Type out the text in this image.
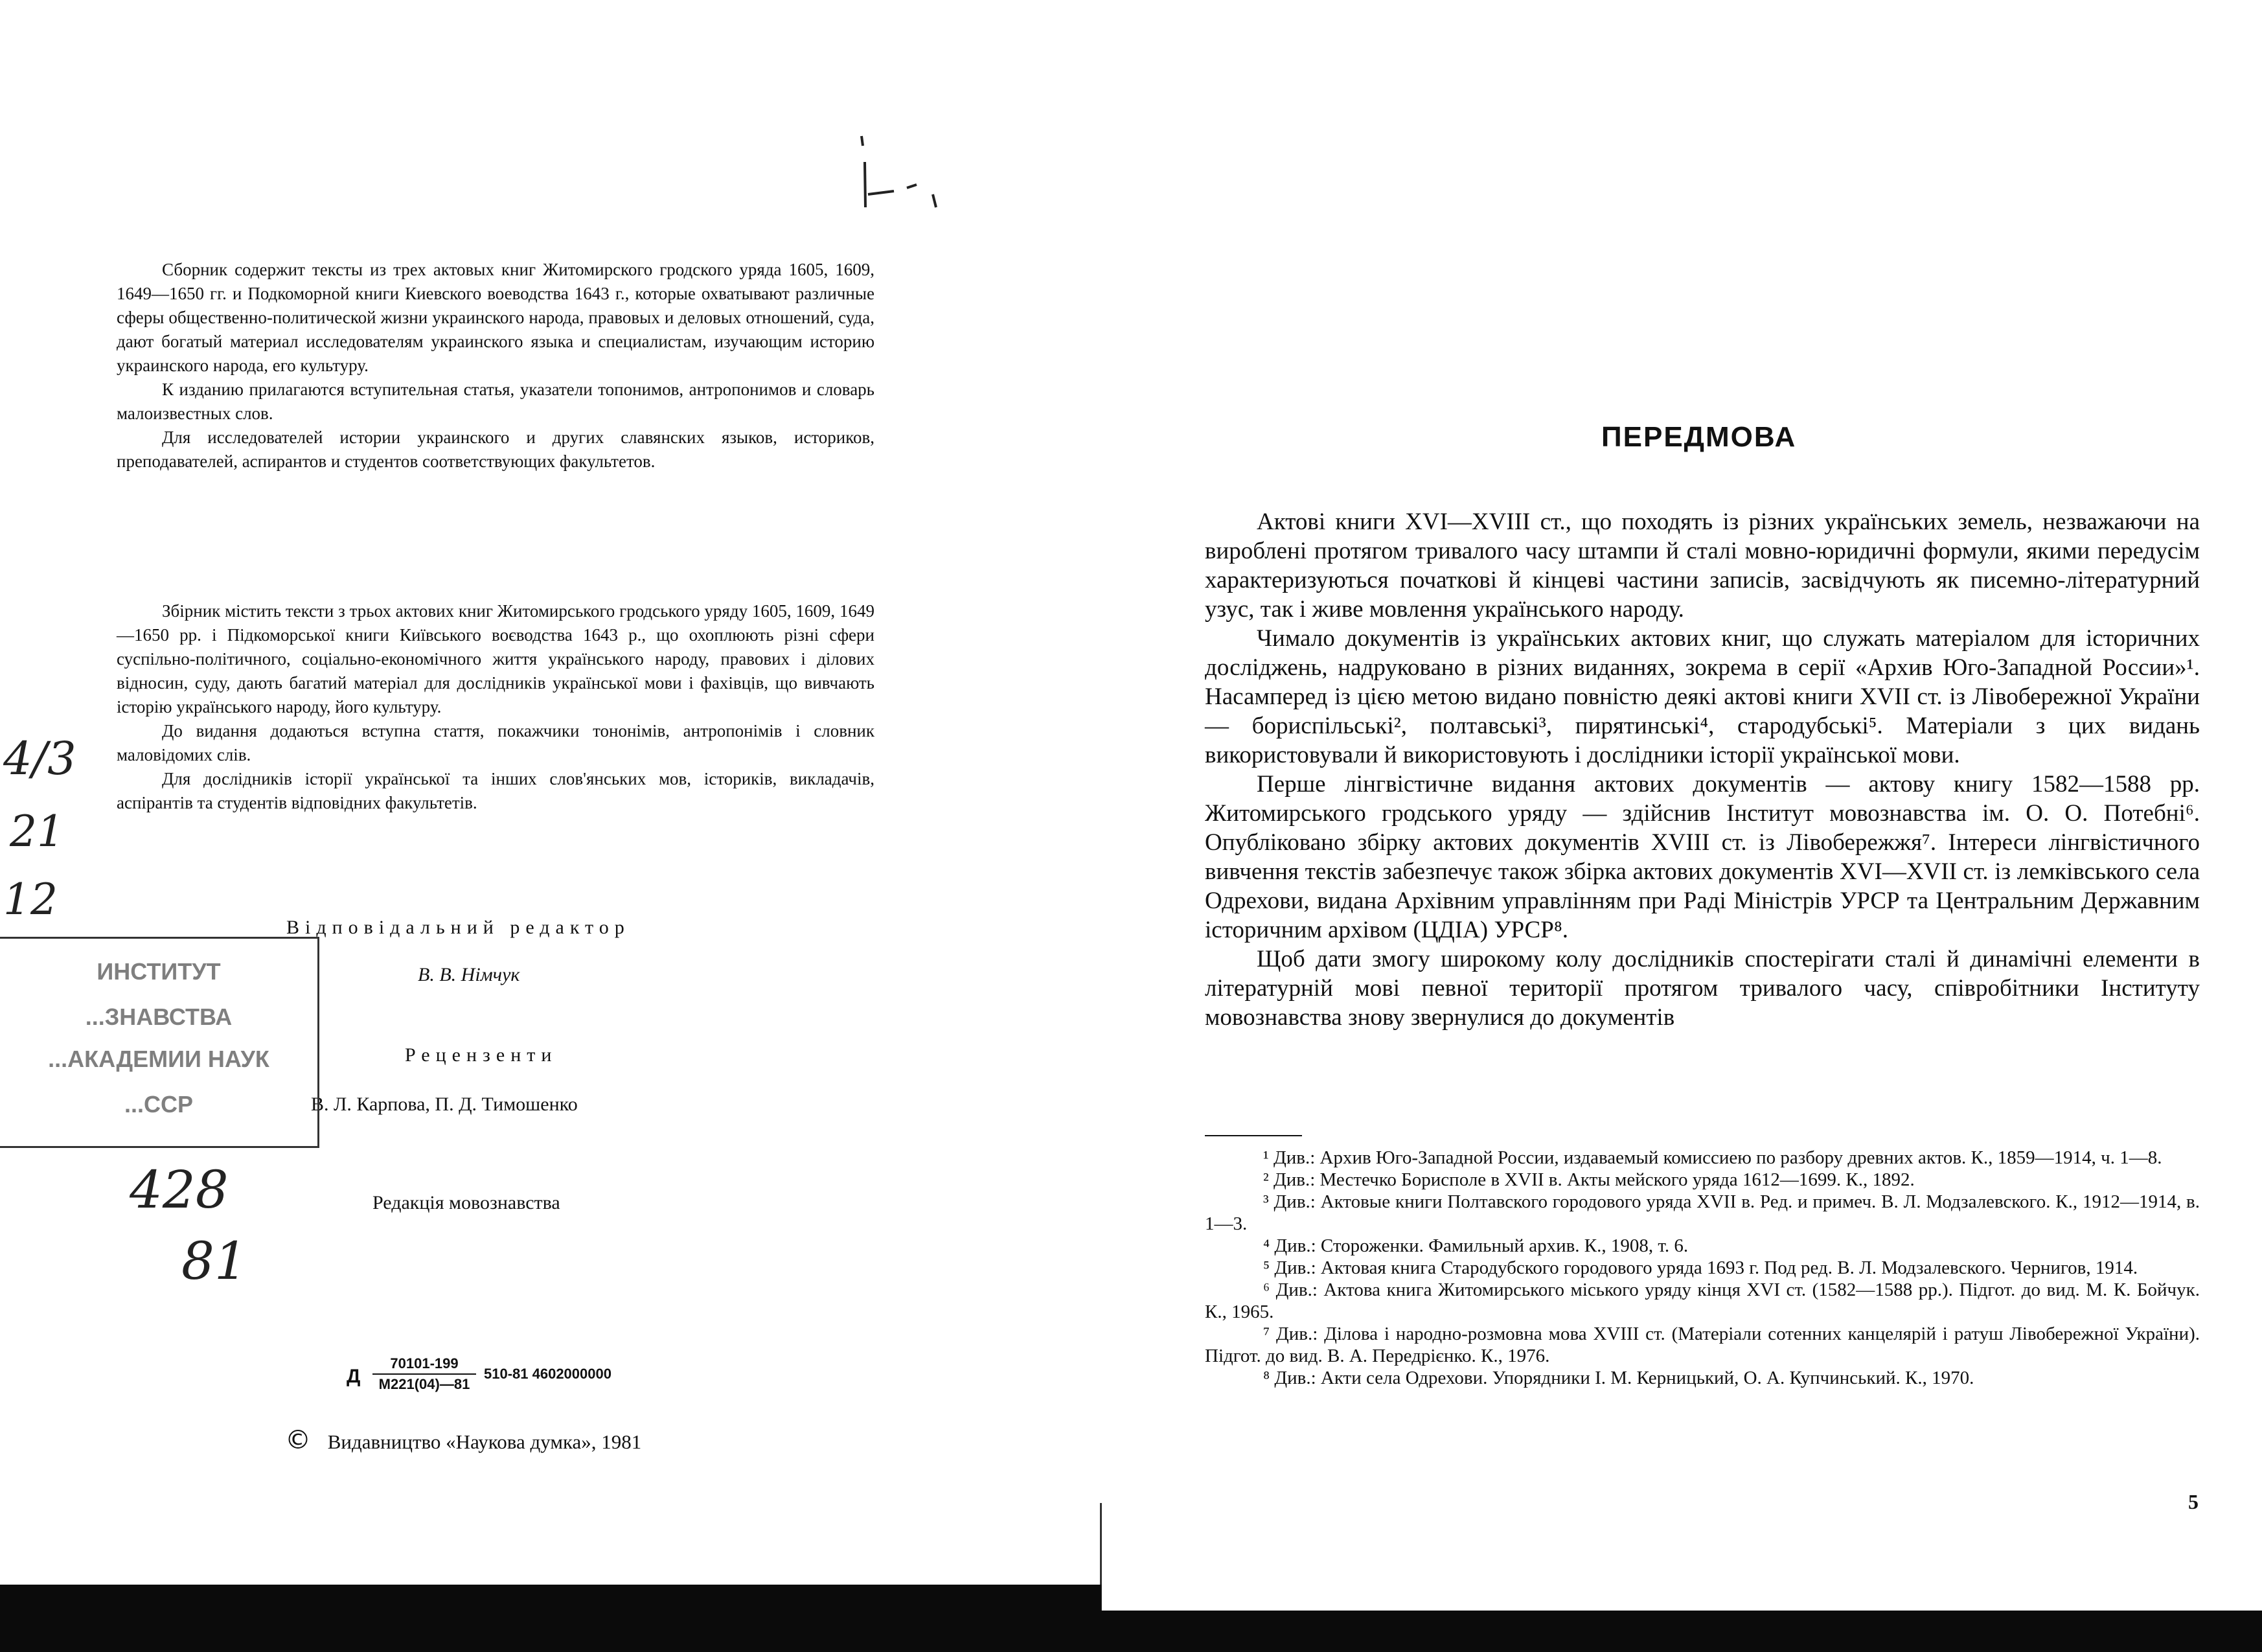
Сборник содержит тексты из трех актовых книг Житомирского гродского уряда 1605, 1609, 1649—1650 гг. и Подкоморной книги Киевского воеводства 1643 г., которые охватывают различные сферы общественно-политической жизни украинского народа, правовых и деловых отношений, суда, дают богатый материал исследователям украинского языка и специалистам, изучающим историю украинского народа, его культуру.

К изданию прилагаются вступительная статья, указатели топонимов, антропонимов и словарь малоизвестных слов.

Для исследователей истории украинского и других славянских языков, историков, преподавателей, аспирантов и студентов соответствующих факультетов.

Збірник містить тексти з трьох актових книг Житомирського гродського уряду 1605, 1609, 1649—1650 рр. і Підкоморської книги Київського воєводства 1643 р., що охоплюють різні сфери суспільно-політичного, соціально-економічного життя українського народу, правових і ділових відносин, суду, дають багатий матеріал для дослідників української мови і фахівців, що вивчають історію українського народу, його культуру.

До видання додаються вступна стаття, покажчики тононімів, антропонімів і словник маловідомих слів.

Для дослідників історії української та інших слов'янських мов, істориків, викладачів, аспірантів та студентів відповідних факультетів.

Відповідальний редактор
В. В. Німчук
Рецензенти
В. Л. Карпова, П. Д. Тимошенко
Редакція мовознавства
Д
70101-199
М221(04)—81
510-81 4602000000
© Видавництво «Наукова думка», 1981
ИНСТИТУТ
...ЗНАВСТВА
...АКАДЕМИИ НАУК
...ССР
4/3
21
12
428
81
ПЕРЕДМОВА

Актові книги XVI—XVIII ст., що походять із різних українських земель, незважаючи на вироблені протягом тривалого часу штампи й сталі мовно-юридичні формули, якими передусім характеризуються початкові й кінцеві частини записів, засвідчують як писемно-літературний узус, так і живе мовлення українського народу.

Чимало документів із українських актових книг, що служать матеріалом для історичних досліджень, надруковано в різних виданнях, зокрема в серії «Архив Юго-Западной России»¹. Насамперед із цією метою видано повністю деякі актові книги XVII ст. із Лівобережної України — бориспільські², полтавські³, пирятинські⁴, стародубські⁵. Матеріали з цих видань використовували й використовують і дослідники історії української мови.

Перше лінгвістичне видання актових документів — актову книгу 1582—1588 рр. Житомирського гродського уряду — здійснив Інститут мовознавства ім. О. О. Потебні⁶. Опубліковано збірку актових документів XVIII ст. із Лівобережжя⁷. Інтереси лінгвістичного вивчення текстів забезпечує також збірка актових документів XVI—XVII ст. із лемківського села Одрехови, видана Архівним управлінням при Раді Міністрів УРСР та Центральним Державним історичним архівом (ЦДІА) УРСР⁸.

Щоб дати змогу широкому колу дослідників спостерігати сталі й динамічні елементи в літературній мові певної території протягом тривалого часу, співробітники Інституту мовознавства знову звернулися до документів

¹ Див.: Архив Юго-Западной России, издаваемый комиссиею по разбору древних актов. К., 1859—1914, ч. 1—8.

² Див.: Местечко Борисполе в XVII в. Акты мейского уряда 1612—1699. К., 1892.

³ Див.: Актовые книги Полтавского городового уряда XVII в. Ред. и примеч. В. Л. Модзалевского. К., 1912—1914, в. 1—3.

⁴ Див.: Стороженки. Фамильный архив. К., 1908, т. 6.

⁵ Див.: Актовая книга Стародубского городового уряда 1693 г. Под ред. В. Л. Модзалевского. Чернигов, 1914.

⁶ Див.: Актова книга Житомирського міського уряду кінця XVI ст. (1582—1588 рр.). Підгот. до вид. М. К. Бойчук. К., 1965.

⁷ Див.: Ділова і народно-розмовна мова XVIII ст. (Матеріали сотенних канцелярій і ратуш Лівобережної України). Підгот. до вид. В. А. Передрієнко. К., 1976.

⁸ Див.: Акти села Одрехови. Упорядники І. М. Керницький, О. А. Купчинський. К., 1970.

5
